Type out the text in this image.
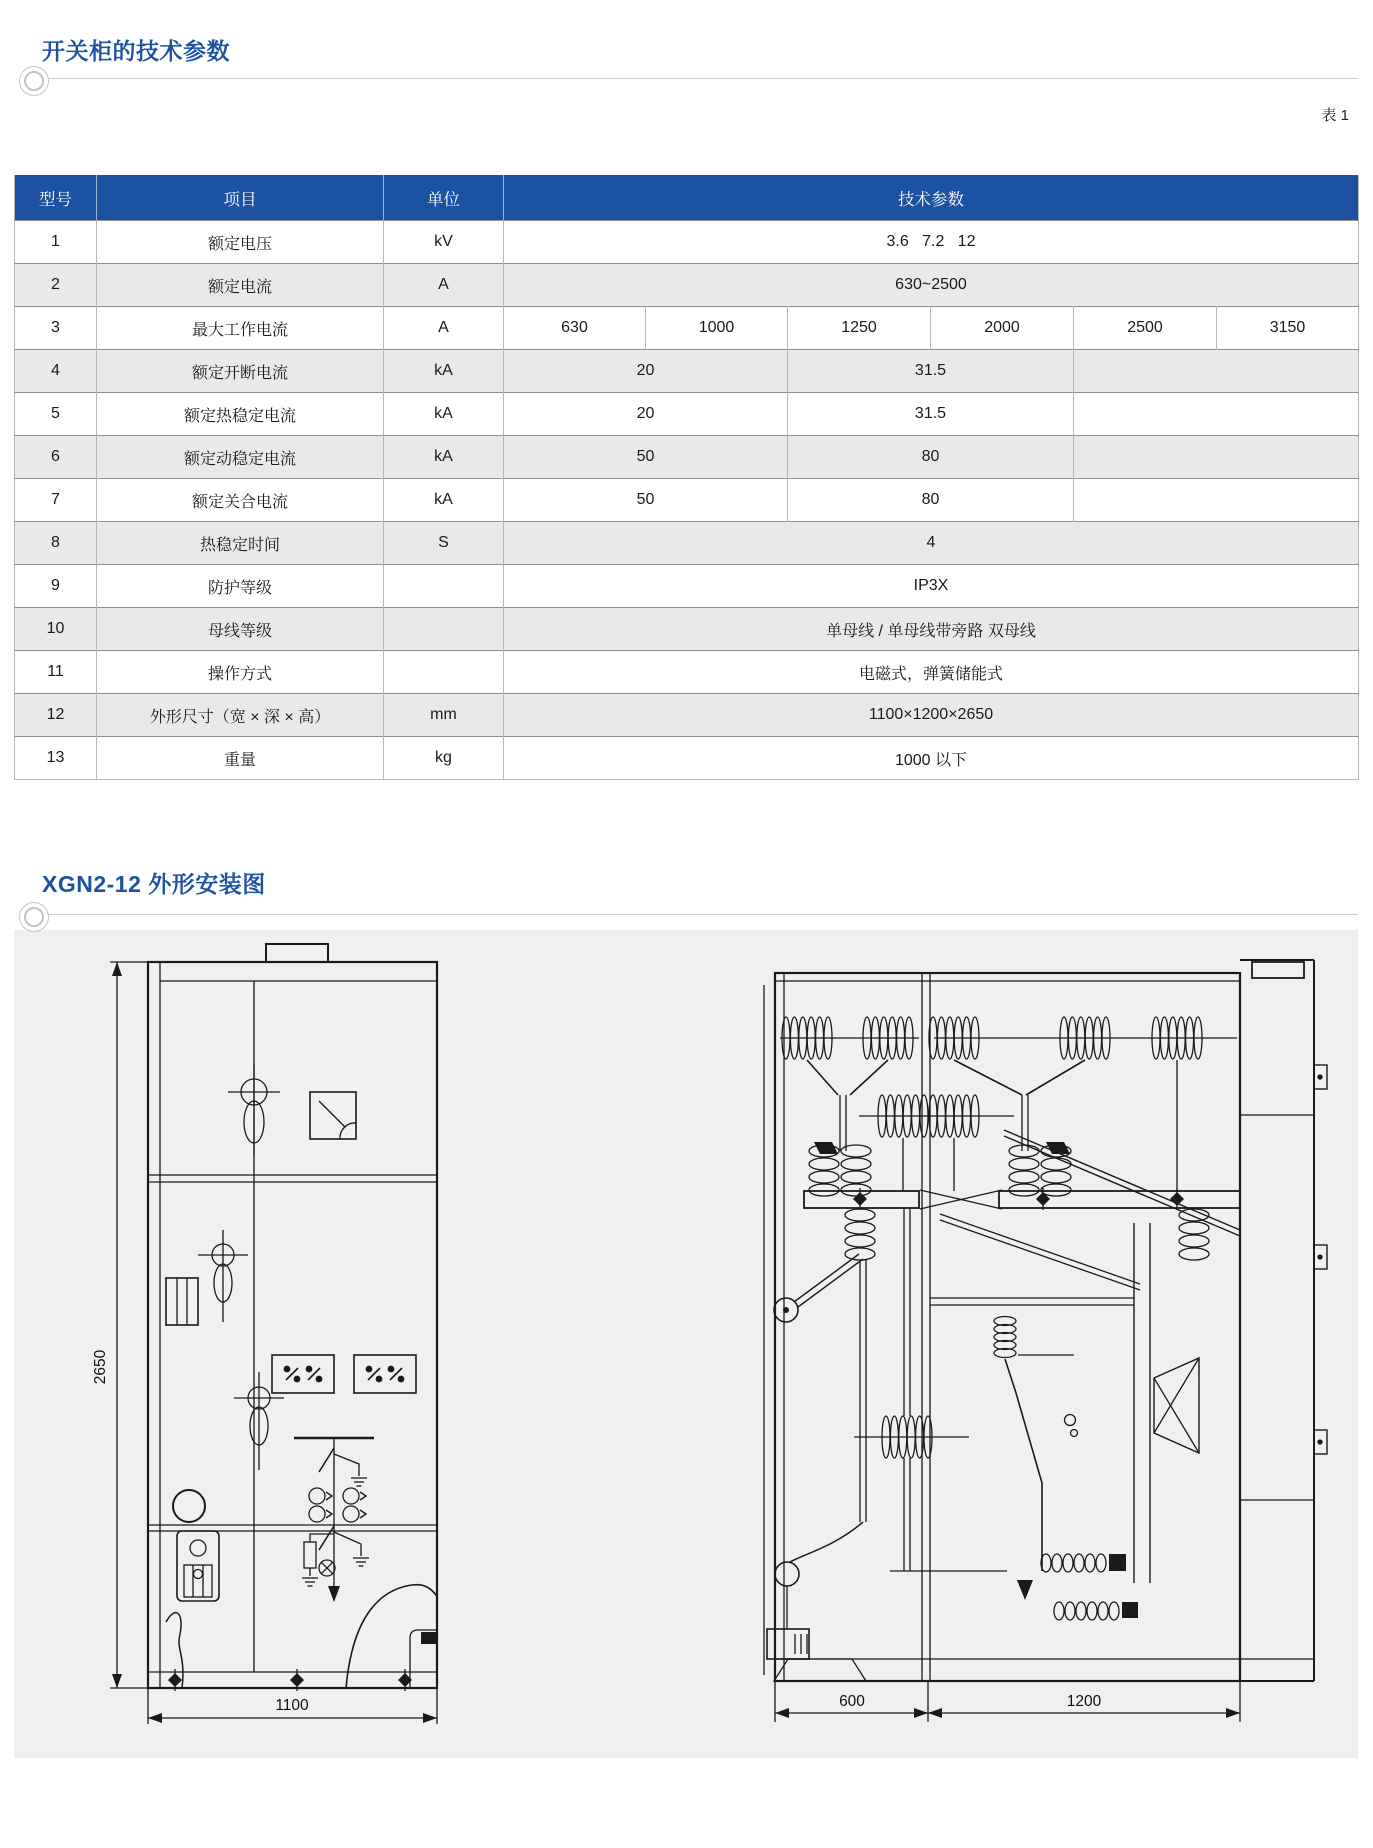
开关柜的技术参数
表 1
型号	项目	单位	技术参数					
1	额定电压	kV	3.6   7.2   12					
2	额定电流	A	630~2500					
3	最大工作电流	A	630	1000	1250	2000	2500	3150
4	额定开断电流	kA	20		31.5			
5	额定热稳定电流	kA	20		31.5			
6	额定动稳定电流	kA	50		80			
7	额定关合电流	kA	50		80			
8	热稳定时间	S	4					
9	防护等级		IP3X					
10	母线等级		单母线 / 单母线带旁路 双母线					
11	操作方式		电磁式，弹簧储能式					
12	外形尺寸（宽 × 深 × 高）	mm	1100×1200×2650					
13	重量	kg	1000 以下					
XGN2-12 外形安装图
2650
1100	600	1200
